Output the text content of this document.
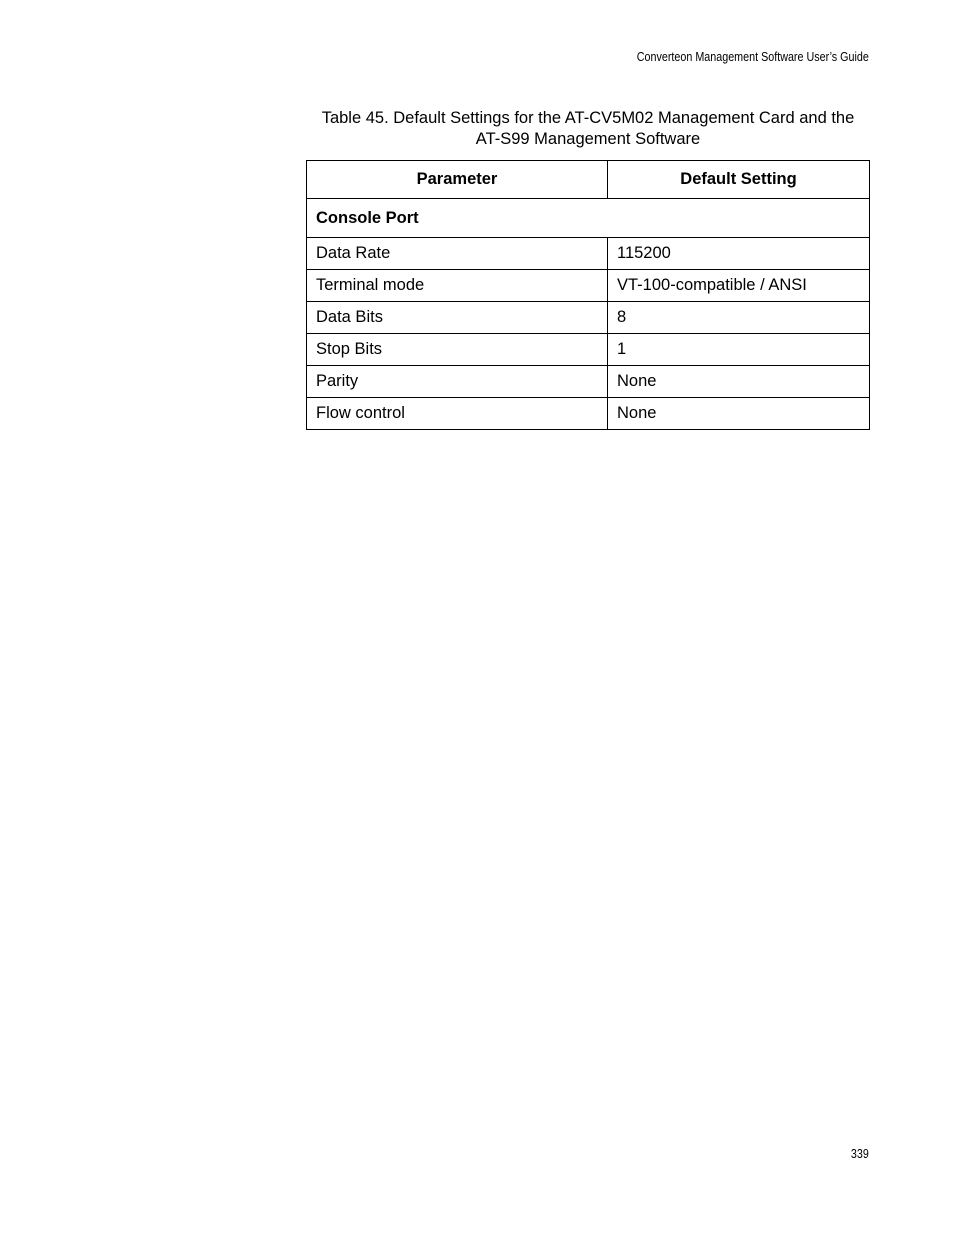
Converteon Management Software User’s Guide
Table 45. Default Settings for the AT-CV5M02 Management Card and the
AT-S99 Management Software
Parameter	Default Setting
Console Port	
Data Rate	115200
Terminal mode	VT-100-compatible / ANSI
Data Bits	8
Stop Bits	1
Parity	None
Flow control	None
339
